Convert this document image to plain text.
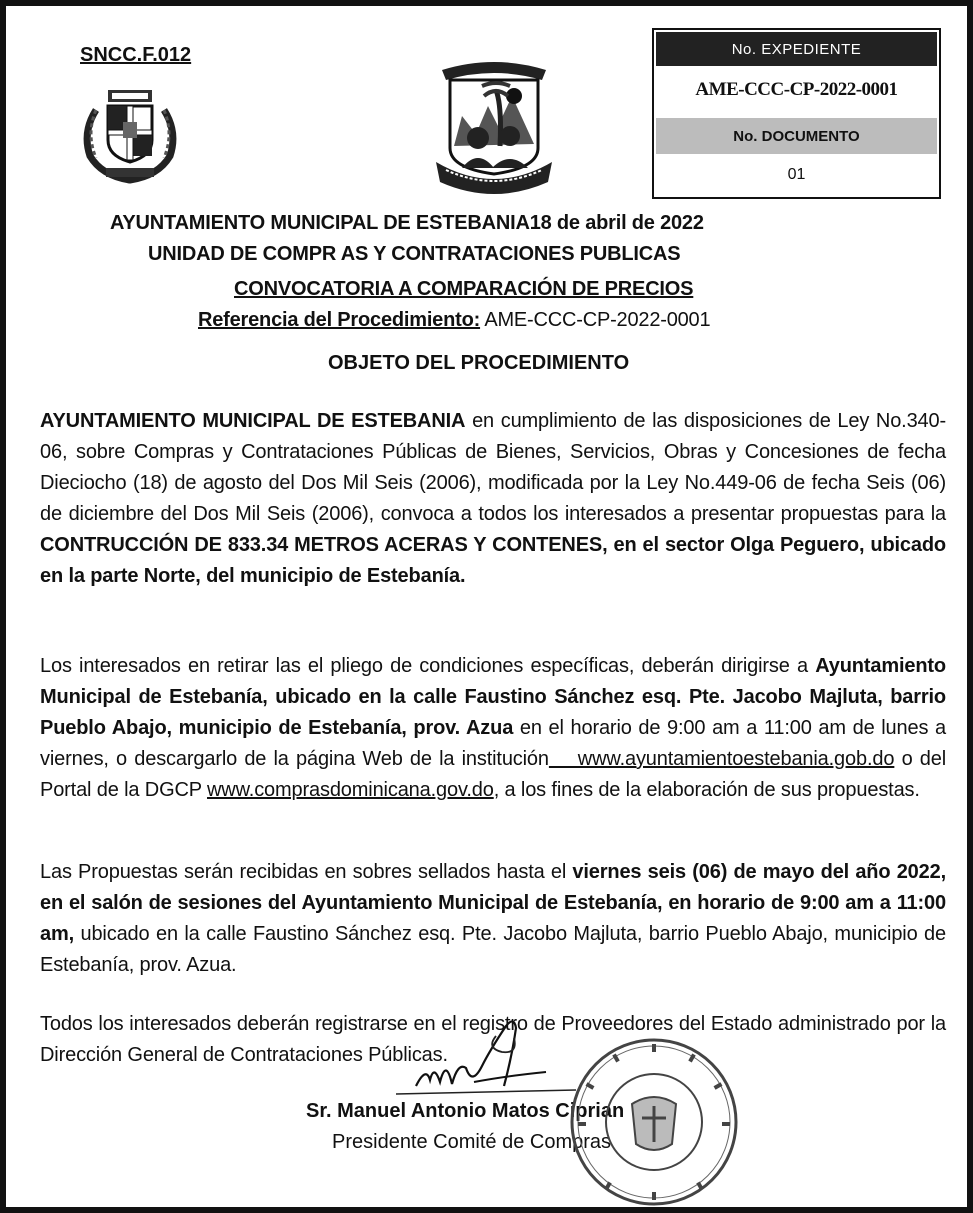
SNCC.F.012	No. EXPEDIENTE
AME-CCC-CP-2022-0001
No. DOCUMENTO
01
AYUNTAMIENTO MUNICIPAL DE ESTEBANIA18 de abril de 2022
UNIDAD DE COMPR AS Y CONTRATACIONES PUBLICAS
CONVOCATORIA A COMPARACIÓN DE PRECIOS
Referencia del Procedimiento: AME-CCC-CP-2022-0001
OBJETO DEL PROCEDIMIENTO
AYUNTAMIENTO MUNICIPAL DE ESTEBANIA en cumplimiento de las disposiciones de Ley No.340-06, sobre Compras y Contrataciones Públicas de Bienes, Servicios, Obras y Concesiones de fecha Dieciocho (18) de agosto del Dos Mil Seis (2006), modificada por la Ley No.449-06 de fecha Seis (06) de diciembre del Dos Mil Seis (2006), convoca a todos los interesados a presentar propuestas para la CONTRUCCIÓN DE 833.34 METROS ACERAS Y CONTENES, en el sector Olga Peguero, ubicado en la parte Norte, del municipio de Estebanía.
Los interesados en retirar las el pliego de condiciones específicas, deberán dirigirse a Ayuntamiento Municipal de Estebanía, ubicado en la calle Faustino Sánchez esq. Pte. Jacobo Majluta, barrio Pueblo Abajo, municipio de Estebanía, prov. Azua en el horario de 9:00 am a 11:00 am de lunes a viernes, o descargarlo de la página Web de la institución    www.ayuntamientoestebania.gob.do o del Portal de la DGCP www.comprasdominicana.gov.do, a los fines de la elaboración de sus propuestas.
Las Propuestas serán recibidas en sobres sellados hasta el viernes seis (06) de mayo del año 2022, en el salón de sesiones del Ayuntamiento Municipal de Estebanía, en horario de 9:00 am a 11:00 am, ubicado en la calle Faustino Sánchez esq. Pte. Jacobo Majluta, barrio Pueblo Abajo, municipio de Estebanía, prov. Azua.
Todos los interesados deberán registrarse en el registro de Proveedores del Estado administrado por la Dirección General de Contrataciones Públicas.
Sr. Manuel Antonio Matos Ciprian
Presidente Comité de Compras
